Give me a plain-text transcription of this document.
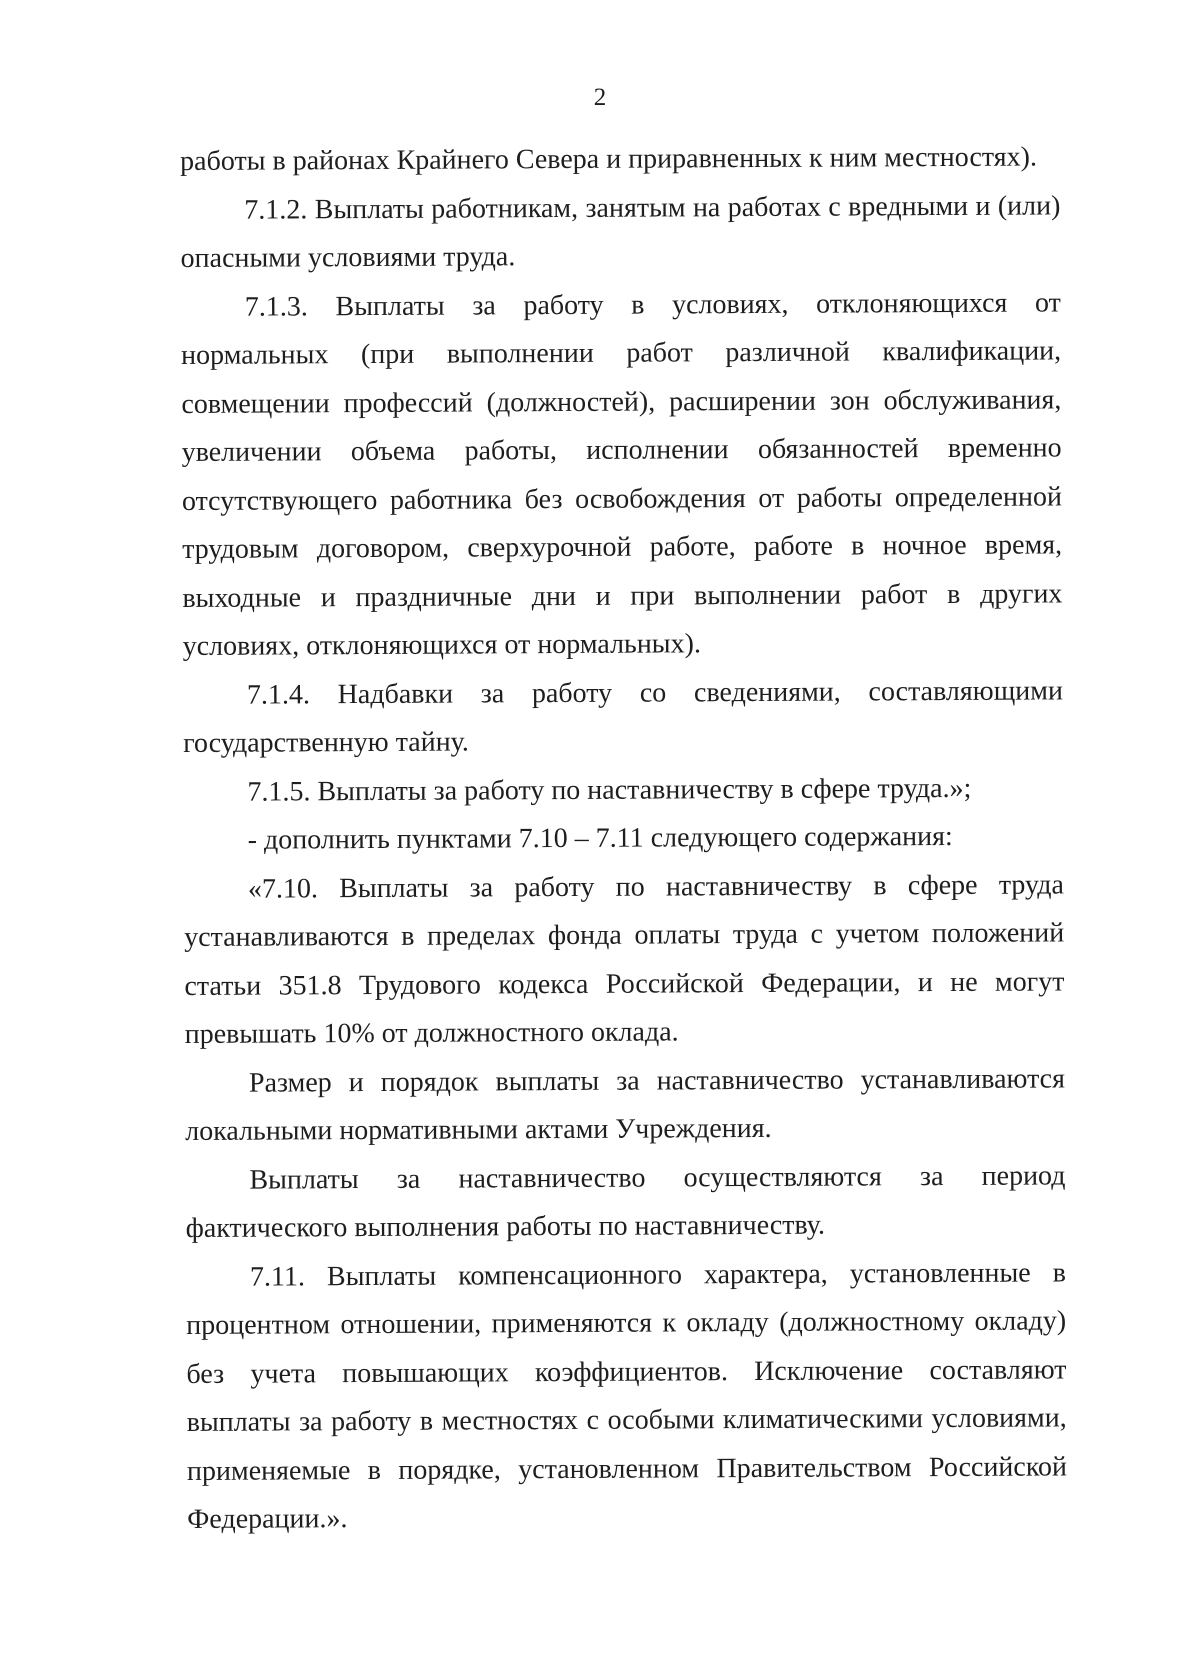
2

работы в районах Крайнего Севера и приравненных к ним местностях).

7.1.2. Выплаты работникам, занятым на работах с вредными и (или) опасными условиями труда.

7.1.3. Выплаты за работу в условиях, отклоняющихся от нормальных (при выполнении работ различной квалификации, совмещении профессий (должностей), расширении зон обслуживания, увеличении объема работы, исполнении обязанностей временно отсутствующего работника без освобождения от работы определенной трудовым договором, сверхурочной работе, работе в ночное время, выходные и праздничные дни и при выполнении работ в других условиях, отклоняющихся от нормальных).

7.1.4. Надбавки за работу со сведениями, составляющими государственную тайну.

7.1.5. Выплаты за работу по наставничеству в сфере труда.»;

- дополнить пунктами 7.10 – 7.11 следующего содержания:

«7.10. Выплаты за работу по наставничеству в сфере труда устанавливаются в пределах фонда оплаты труда с учетом положений статьи 351.8 Трудового кодекса Российской Федерации, и не могут превышать 10% от должностного оклада.

Размер и порядок выплаты за наставничество устанавливаются локальными нормативными актами Учреждения.

Выплаты за наставничество осуществляются за период фактического выполнения работы по наставничеству.

7.11. Выплаты компенсационного характера, установленные в процентном отношении, применяются к окладу (должностному окладу) без учета повышающих коэффициентов. Исключение составляют выплаты за работу в местностях с особыми климатическими условиями, применяемые в порядке, установленном Правительством Российской Федерации.».
